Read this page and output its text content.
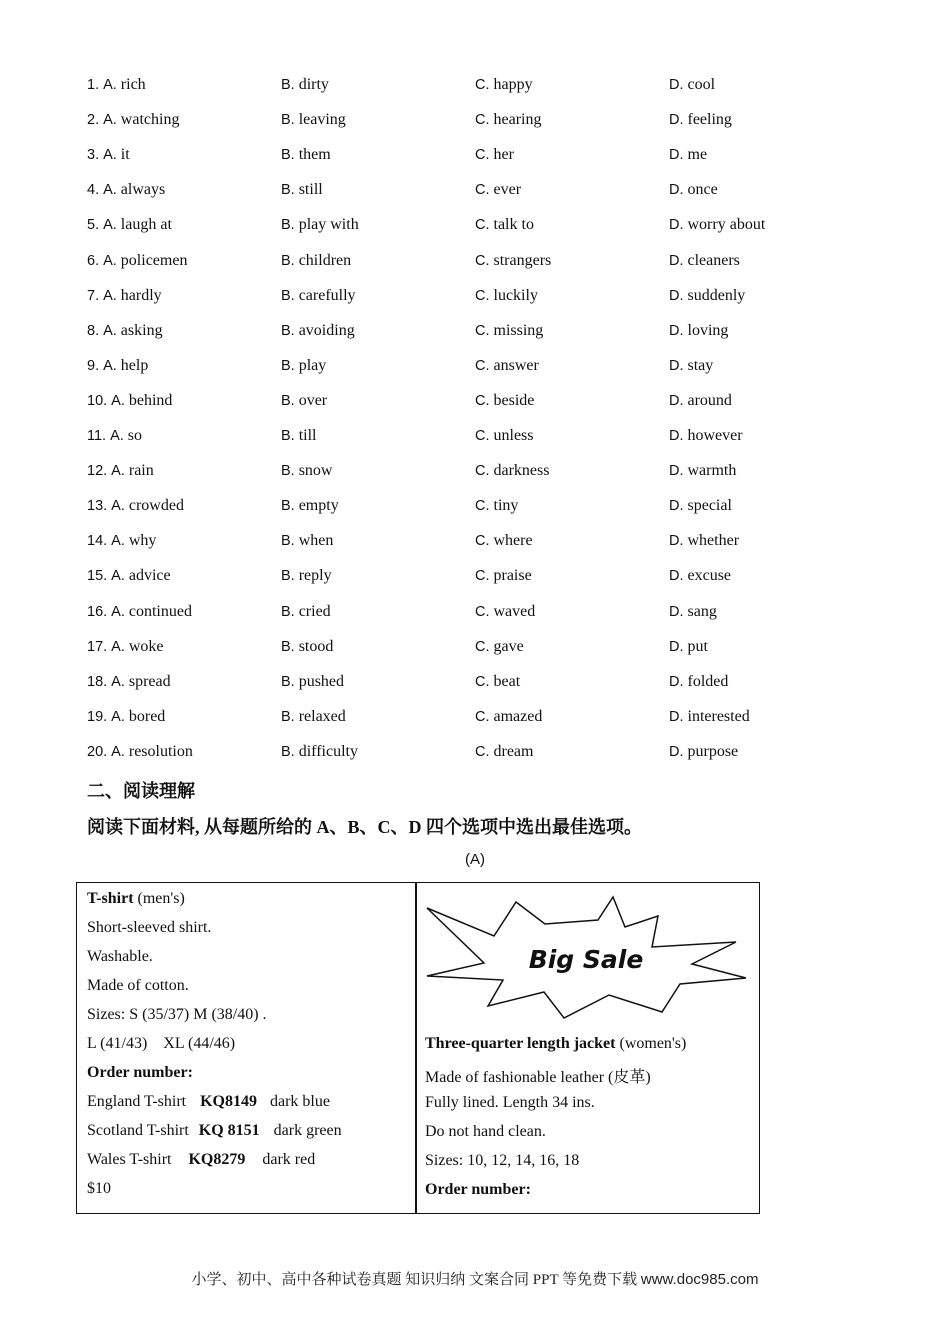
1. A. rich	B. dirty	C. happy	D. cool
2. A. watching	B. leaving	C. hearing	D. feeling
3. A. it	B. them	C. her	D. me
4. A. always	B. still	C. ever	D. once
5. A. laugh at	B. play with	C. talk to	D. worry about
6. A. policemen	B. children	C. strangers	D. cleaners
7. A. hardly	B. carefully	C. luckily	D. suddenly
8. A. asking	B. avoiding	C. missing	D. loving
9. A. help	B. play	C. answer	D. stay
10. A. behind	B. over	C. beside	D. around
11. A. so	B. till	C. unless	D. however
12. A. rain	B. snow	C. darkness	D. warmth
13. A. crowded	B. empty	C. tiny	D. special
14. A. why	B. when	C. where	D. whether
15. A. advice	B. reply	C. praise	D. excuse
16. A. continued	B. cried	C. waved	D. sang
17. A. woke	B. stood	C. gave	D. put
18. A. spread	B. pushed	C. beat	D. folded
19. A. bored	B. relaxed	C. amazed	D. interested
20. A. resolution	B. difficulty	C. dream	D. purpose
二、阅读理解
阅读下面材料, 从每题所给的 A、B、C、D 四个选项中选出最佳选项。
(A)
T-shirt (men's)
Short-sleeved shirt.
Washable.
Made of cotton.
Sizes: S (35/37) M (38/40) .
L (41/43)    XL (44/46)
Order number:
England T-shirt KQ8149 dark blue
Scotland T-shirt KQ 8151 dark green
Wales T-shirt KQ8279 dark red
$10
Big Sale
Three-quarter length jacket (women's)
Made of fashionable leather (皮革)
Fully lined. Length 34 ins.
Do not hand clean.
Sizes: 10, 12, 14, 16, 18
Order number:
小学、初中、高中各种试卷真题 知识归纳 文案合同 PPT 等免费下载 www.doc985.com
